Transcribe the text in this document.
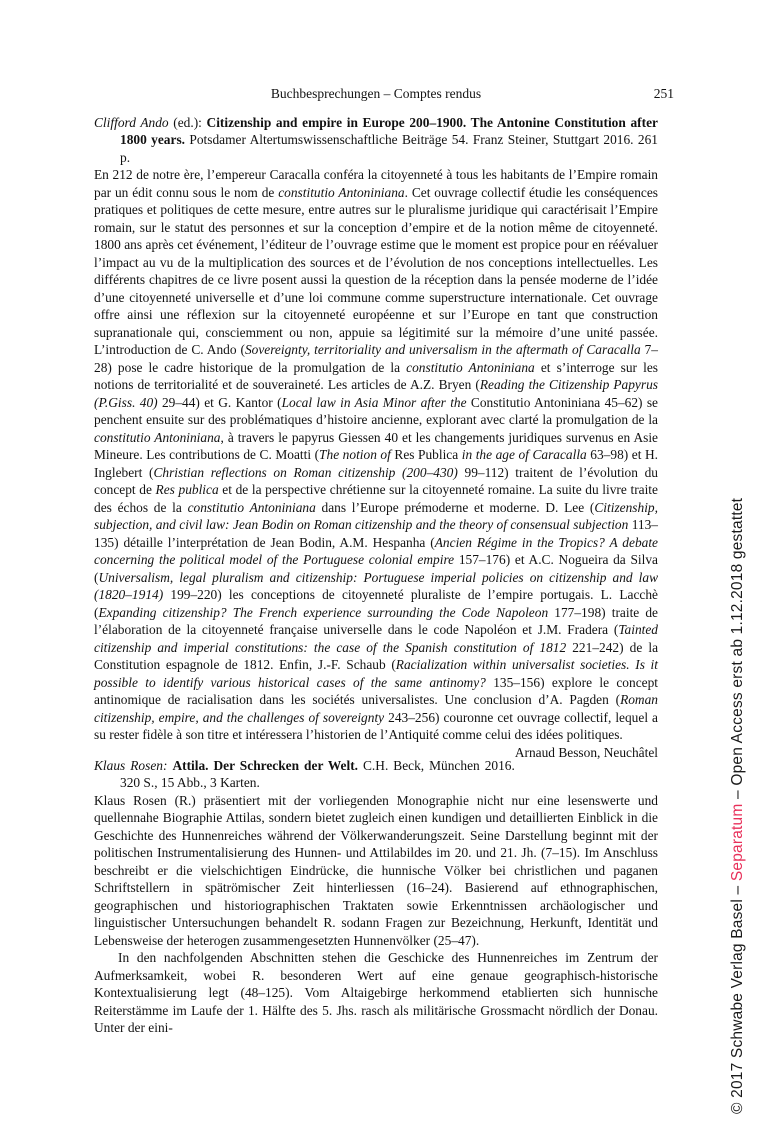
Buchbesprechungen – Comptes rendus	251

Clifford Ando (ed.): Citizenship and empire in Europe 200–1900. The Antonine Constitution after 1800 years. Potsdamer Altertumswissenschaftliche Beiträge 54. Franz Steiner, Stuttgart 2016. 261 p.

En 212 de notre ère, l’empereur Caracalla conféra la citoyenneté à tous les habitants de l’Empire romain par un édit connu sous le nom de constitutio Antoniniana. Cet ouvrage collectif étudie les conséquences pratiques et politiques de cette mesure, entre autres sur le pluralisme juridique qui caractérisait l’Empire romain, sur le statut des personnes et sur la conception d’empire et de la notion même de citoyenneté. 1800 ans après cet événement, l’éditeur de l’ouvrage estime que le moment est propice pour en réévaluer l’impact au vu de la multiplication des sources et de l’évolution de nos conceptions intellectuelles. Les différents chapitres de ce livre posent aussi la question de la réception dans la pensée moderne de l’idée d’une citoyenneté universelle et d’une loi commune comme superstructure internationale. Cet ouvrage offre ainsi une réflexion sur la citoyenneté européenne et sur l’Europe en tant que construction supranationale qui, consciemment ou non, appuie sa légitimité sur la mémoire d’une unité passée. L’introduction de C. Ando (Sovereignty, territoriality and universalism in the aftermath of Caracalla 7–28) pose le cadre historique de la promulgation de la constitutio Antoniniana et s’interroge sur les notions de territorialité et de souveraineté. Les articles de A.Z. Bryen (Reading the Citizenship Papyrus (P.Giss. 40) 29–44) et G. Kantor (Local law in Asia Minor after the Constitutio Antoniniana 45–62) se penchent ensuite sur des problématiques d’histoire ancienne, explorant avec clarté la promulgation de la constitutio Antoniniana, à travers le papyrus Giessen 40 et les changements juridiques survenus en Asie Mineure. Les contributions de C. Moatti (The notion of Res Publica in the age of Caracalla 63–98) et H. Inglebert (Christian reflections on Roman citizenship (200–430) 99–112) traitent de l’évolution du concept de Res publica et de la perspective chrétienne sur la citoyenneté romaine. La suite du livre traite des échos de la constitutio Antoniniana dans l’Europe prémoderne et moderne. D. Lee (Citizenship, subjection, and civil law: Jean Bodin on Roman citizenship and the theory of consensual subjection 113–135) détaille l’interprétation de Jean Bodin, A.M. Hespanha (Ancien Régime in the Tropics? A debate concerning the political model of the Portuguese colonial empire 157–176) et A.C. Nogueira da Silva (Universalism, legal pluralism and citizenship: Portuguese imperial policies on citizenship and law (1820–1914) 199–220) les conceptions de citoyenneté pluraliste de l’empire portugais. L. Lacchè (Expanding citizenship? The French experience surrounding the Code Napoleon 177–198) traite de l’élaboration de la citoyenneté française universelle dans le code Napoléon et J.M. Fradera (Tainted citizenship and imperial constitutions: the case of the Spanish constitution of 1812 221–242) de la Constitution espagnole de 1812. Enfin, J.-F. Schaub (Racialization within universalist societies. Is it possible to identify various historical cases of the same antinomy? 135–156) explore le concept antinomique de racialisation dans les sociétés universalistes. Une conclusion d’A. Pagden (Roman citizenship, empire, and the challenges of sovereignty 243–256) couronne cet ouvrage collectif, lequel a su rester fidèle à son titre et intéressera l’historien de l’Antiquité comme celui des idées politiques.
Arnaud Besson, Neuchâtel

Klaus Rosen: Attila. Der Schrecken der Welt. C.H. Beck, München 2016. 320 S., 15 Abb., 3 Karten.

Klaus Rosen (R.) präsentiert mit der vorliegenden Monographie nicht nur eine lesenswerte und quellennahe Biographie Attilas, sondern bietet zugleich einen kundigen und detaillierten Einblick in die Geschichte des Hunnenreiches während der Völkerwanderungszeit. Seine Darstellung beginnt mit der politischen Instrumentalisierung des Hunnen- und Attilabildes im 20. und 21. Jh. (7–15). Im Anschluss beschreibt er die vielschichtigen Eindrücke, die hunnische Völker bei christlichen und paganen Schriftstellern in spätrömischer Zeit hinterliessen (16–24). Basierend auf ethnographischen, geographischen und historiographischen Traktaten sowie Erkenntnissen archäologischer und linguistischer Untersuchungen behandelt R. sodann Fragen zur Bezeichnung, Herkunft, Identität und Lebensweise der heterogen zusammengesetzten Hunnenvölker (25–47).

In den nachfolgenden Abschnitten stehen die Geschicke des Hunnenreiches im Zentrum der Aufmerksamkeit, wobei R. besonderen Wert auf eine genaue geographisch-historische Kontextualisierung legt (48–125). Vom Altaigebirge herkommend etablierten sich hunnische Reiterstämme im Laufe der 1. Hälfte des 5. Jhs. rasch als militärische Grossmacht nördlich der Donau. Unter der eini-	© 2017 Schwabe Verlag Basel – Separatum – Open Access erst ab 1.12.2018 gestattet
